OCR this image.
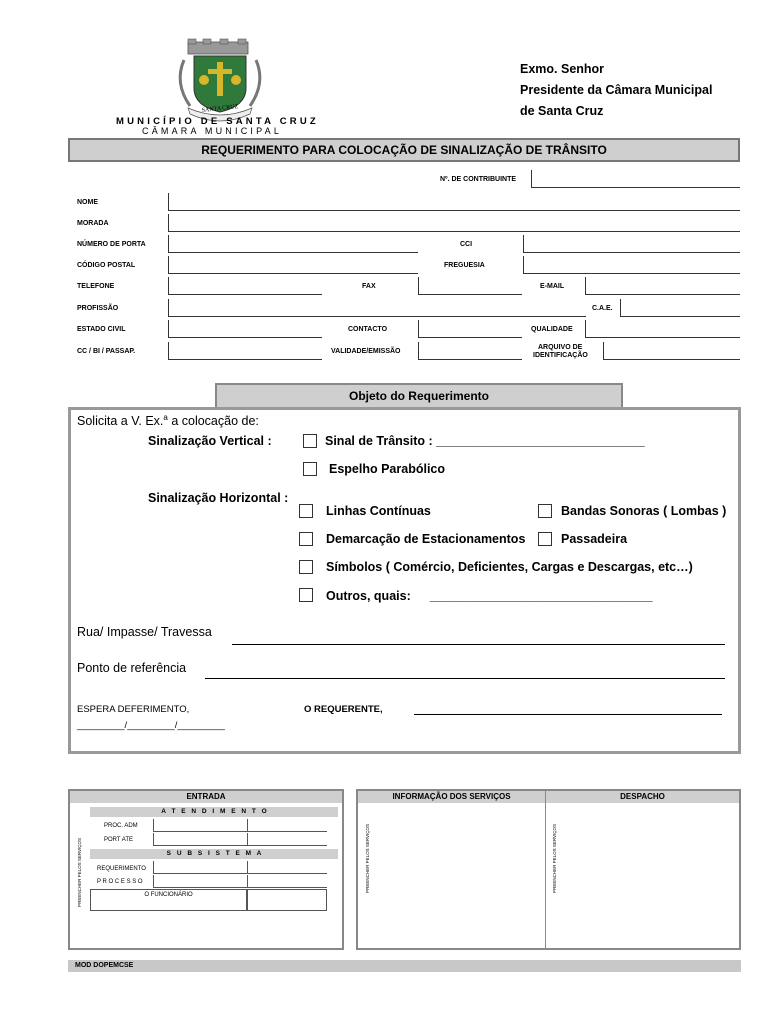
SANTA CRUZ
MUNICÍPIO DE SANTA CRUZ
CÂMARA MUNICIPAL
Exmo. Senhor
Presidente da Câmara Municipal
de Santa Cruz
REQUERIMENTO PARA COLOCAÇÃO DE SINALIZAÇÃO DE TRÂNSITO
Nº. DE CONTRIBUINTE
NOME
MORADA
NÚMERO DE PORTA	CCI
CÓDIGO POSTAL	FREGUESIA
TELEFONE	FAX	E-MAIL
PROFISSÃO	C.A.E.
ESTADO CIVIL	CONTACTO	QUALIDADE
CC / BI / PASSAP.	VALIDADE/EMISSÃO
ARQUIVO DE
IDENTIFICAÇÃO
Objeto do Requerimento
Solicita a V. Ex.$^a$ a colocação de:
Sinalização Vertical :	Sinal de Trânsito : ______________________________
Espelho Parabólico
Sinalização Horizontal :
Linhas Contínuas	Bandas Sonoras ( Lombas )
Demarcação de Estacionamentos	Passadeira
Símbolos ( Comércio, Deficientes, Cargas e Descargas, etc…)
Outros, quais: ________________________________
Rua/ Impasse/ Travessa
Ponto de referência
ESPERA DEFERIMENTO,
_________/_________/_________
O REQUERENTE,
ENTRADA
PREENCHER PELOS SERVIÇOS
A T E N D I M E N T O
PROC. ADM
PORT ATE
S U B S I S T E M A
REQUERIMENTO
P R O C E S S O
O FUNCIONÁRIO
INFORMAÇÃO DOS SERVIÇOS	DESPACHO
PREENCHER PELOS SERVIÇOS	PREENCHER PELOS SERVIÇOS
MOD DOPEMCSE
